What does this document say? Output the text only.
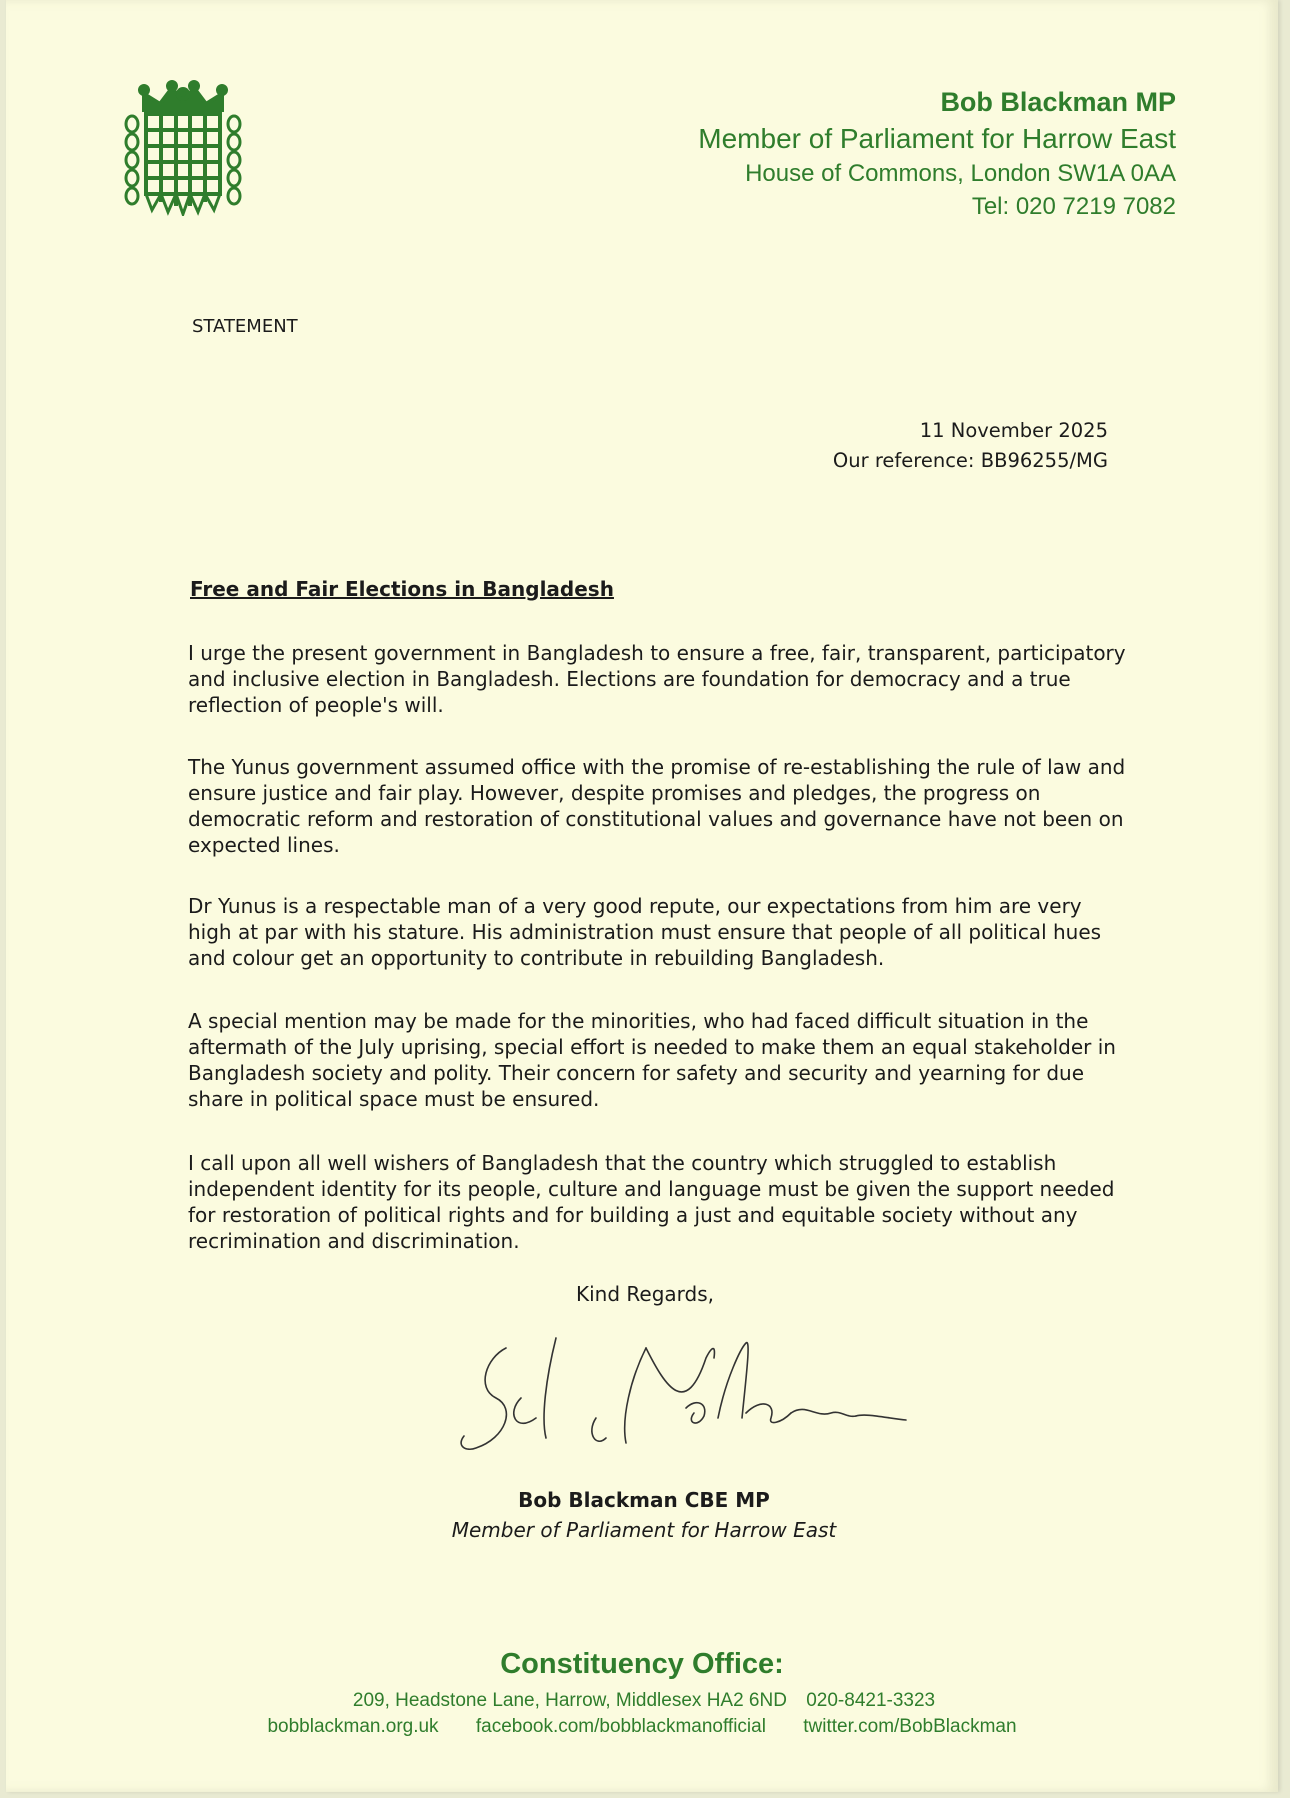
Bob Blackman MP
Member of Parliament for Harrow East
House of Commons, London SW1A 0AA
Tel: 020 7219 7082
STATEMENT
11 November 2025
Our reference: BB96255/MG
Free and Fair Elections in Bangladesh

I urge the present government in Bangladesh to ensure a free, fair, transparent, participatory and inclusive election in Bangladesh. Elections are foundation for democracy and a true reflection of people's will.

The Yunus government assumed office with the promise of re-establishing the rule of law and ensure justice and fair play. However, despite promises and pledges, the progress on democratic reform and restoration of constitutional values and governance have not been on expected lines.

Dr Yunus is a respectable man of a very good repute, our expectations from him are very high at par with his stature. His administration must ensure that people of all political hues and colour get an opportunity to contribute in rebuilding Bangladesh.

A special mention may be made for the minorities, who had faced difficult situation in the aftermath of the July uprising, special effort is needed to make them an equal stakeholder in Bangladesh society and polity. Their concern for safety and security and yearning for due share in political space must be ensured.

I call upon all well wishers of Bangladesh that the country which struggled to establish independent identity for its people, culture and language must be given the support needed for restoration of political rights and for building a just and equitable society without any recrimination and discrimination.

Kind Regards,
Bob Blackman CBE MP
Member of Parliament for Harrow East
Constituency Office:
209, Headstone Lane, Harrow, Middlesex HA2 6ND 020-8421-3323
bobblackman.org.uk facebook.com/bobblackmanofficial twitter.com/BobBlackman
